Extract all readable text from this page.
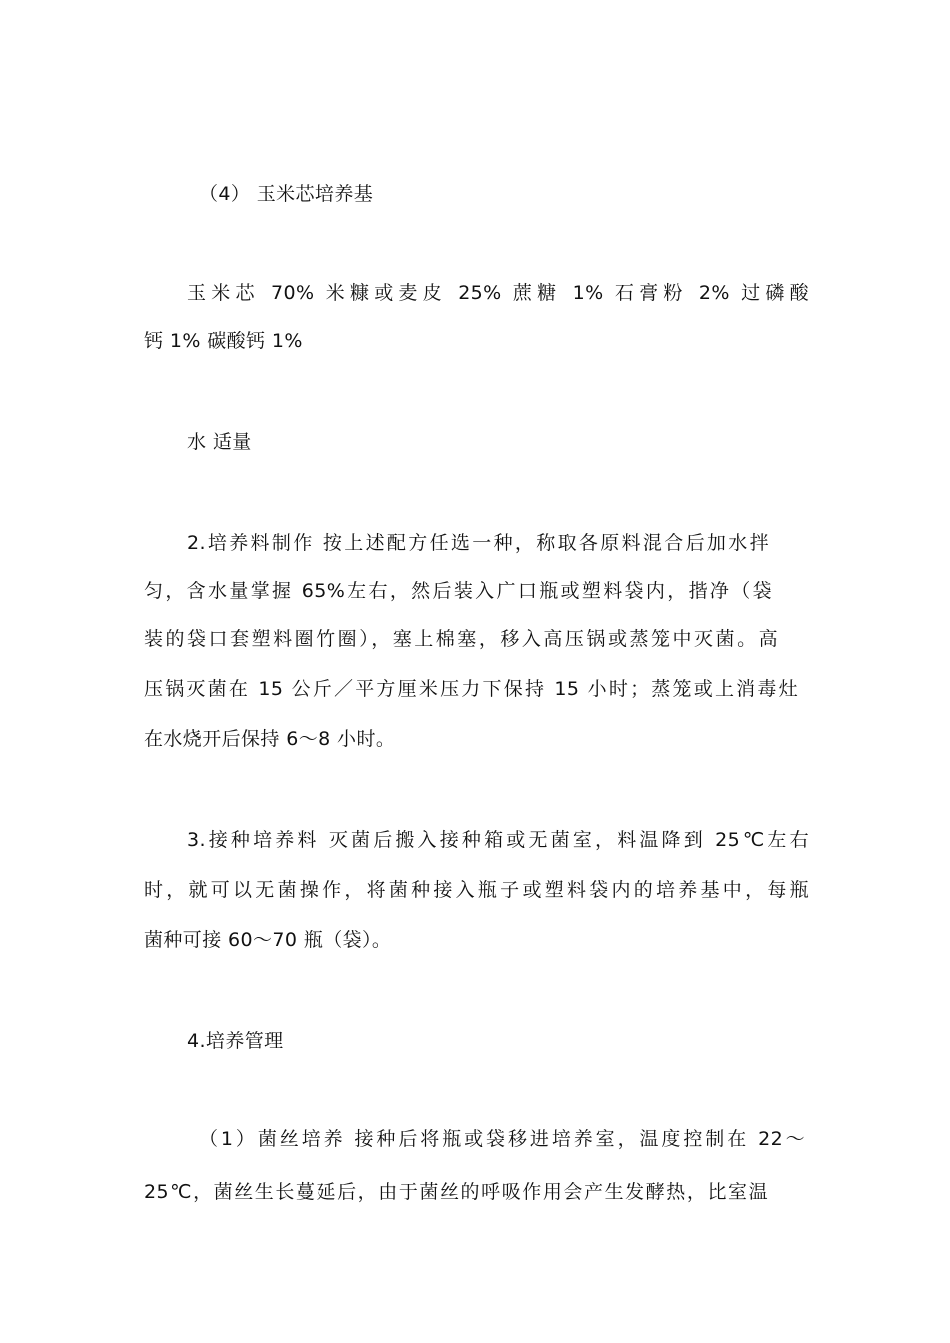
（4） 玉米芯培养基
玉米芯 70% 米糠或麦皮 25% 蔗糖 1% 石膏粉 2% 过磷酸
钙 1% 碳酸钙 1%
水 适量
2.培养料制作 按上述配方任选一种，称取各原料混合后加水拌
匀，含水量掌握 65%左右，然后装入广口瓶或塑料袋内，揩净（袋
装的袋口套塑料圈竹圈），塞上棉塞，移入高压锅或蒸笼中灭菌。高
压锅灭菌在 15 公斤／平方厘米压力下保持 15 小时；蒸笼或上消毒灶
在水烧开后保持 6～8 小时。
3.接种培养料 灭菌后搬入接种箱或无菌室，料温降到 25℃左右
时，就可以无菌操作，将菌种接入瓶子或塑料袋内的培养基中，每瓶
菌种可接 60～70 瓶（袋）。
4.培养管理
（1）菌丝培养 接种后将瓶或袋移进培养室，温度控制在 22～
25℃，菌丝生长蔓延后，由于菌丝的呼吸作用会产生发酵热，比室温
